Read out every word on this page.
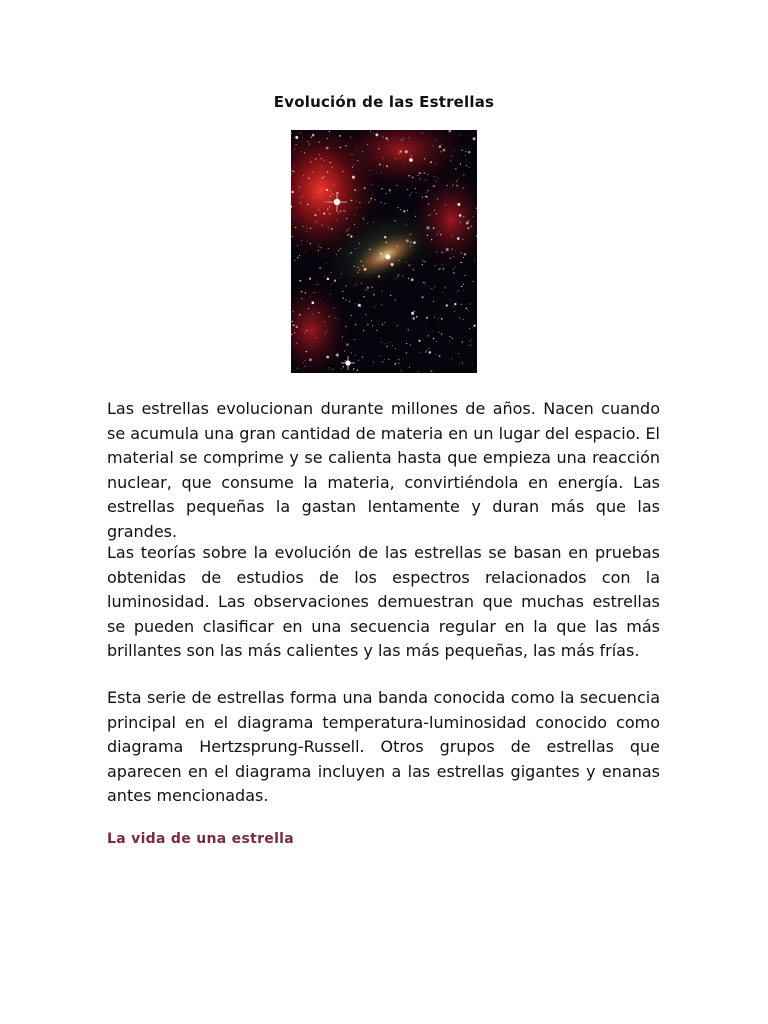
Evolución de las Estrellas

Las estrellas evolucionan durante millones de años. Nacen cuando se acumula una gran cantidad de materia en un lugar del espacio. El material se comprime y se calienta hasta que empieza una reacción nuclear, que consume la materia, convirtiéndola en energía. Las estrellas pequeñas la gastan lentamente y duran más que las grandes.

Las teorías sobre la evolución de las estrellas se basan en pruebas obtenidas de estudios de los espectros relacionados con la luminosidad. Las observaciones demuestran que muchas estrellas se pueden clasificar en una secuencia regular en la que las más brillantes son las más calientes y las más pequeñas, las más frías.

Esta serie de estrellas forma una banda conocida como la secuencia principal en el diagrama temperatura-luminosidad conocido como diagrama Hertzsprung-Russell. Otros grupos de estrellas que aparecen en el diagrama incluyen a las estrellas gigantes y enanas antes mencionadas.

La vida de una estrella
